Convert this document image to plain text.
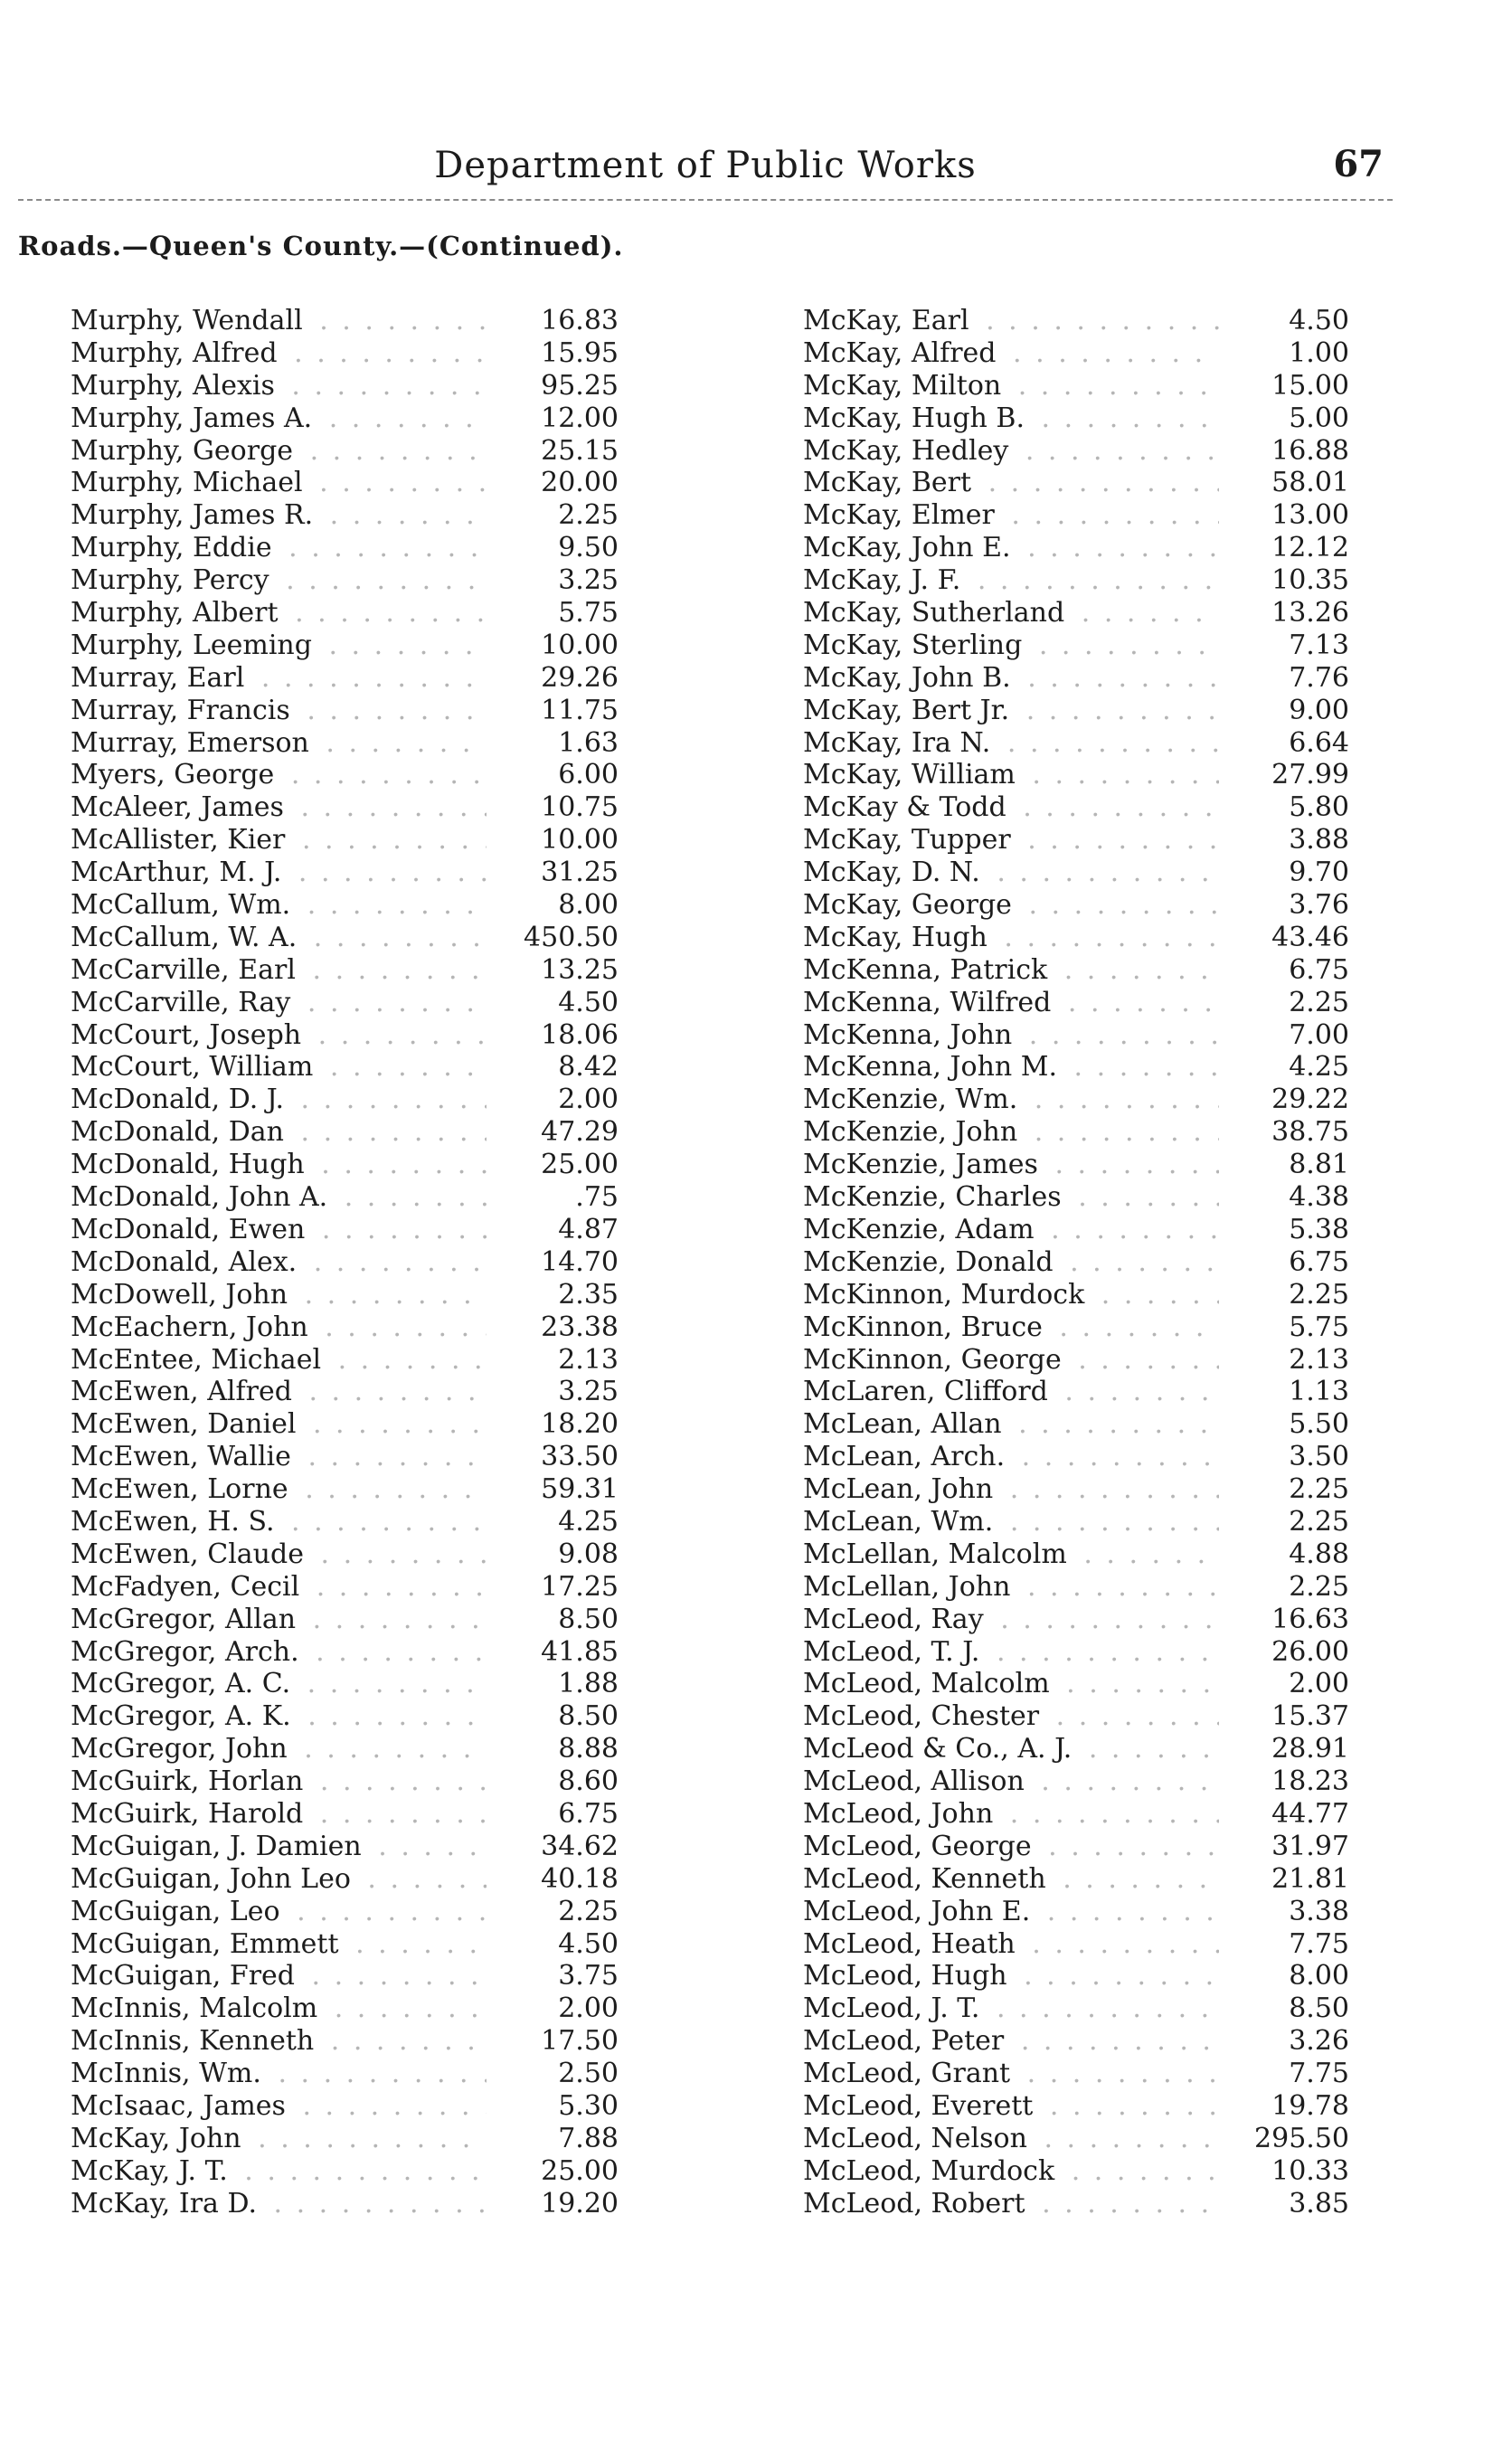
Department of Public Works	67
Roads.—Queen's County.—(Continued).
Murphy, Wendall . . .	16.83
Murphy, Alfred . . .	15.95
Murphy, Alexis . . .	95.25
Murphy, James A. . . .	12.00
Murphy, George . . .	25.15
Murphy, Michael . . .	20.00
Murphy, James R. . . .	2.25
Murphy, Eddie . . .	9.50
Murphy, Percy . . .	3.25
Murphy, Albert . . .	5.75
Murphy, Leeming . . .	10.00
Murray, Earl . . .	29.26
Murray, Francis . . .	11.75
Murray, Emerson . . .	1.63
Myers, George . . .	6.00
McAleer, James . . .	10.75
McAllister, Kier . . .	10.00
McArthur, M. J. . . .	31.25
McCallum, Wm. . . .	8.00
McCallum, W. A. . . .	450.50
McCarville, Earl . . .	13.25
McCarville, Ray . . .	4.50
McCourt, Joseph . . .	18.06
McCourt, William . . .	8.42
McDonald, D. J. . . .	2.00
McDonald, Dan . . .	47.29
McDonald, Hugh . . .	25.00
McDonald, John A. . . .	.75
McDonald, Ewen . . .	4.87
McDonald, Alex. . . .	14.70
McDowell, John . . .	2.35
McEachern, John . . .	23.38
McEntee, Michael . . .	2.13
McEwen, Alfred . . .	3.25
McEwen, Daniel . . .	18.20
McEwen, Wallie . . .	33.50
McEwen, Lorne . . .	59.31
McEwen, H. S. . . .	4.25
McEwen, Claude . . .	9.08
McFadyen, Cecil . . .	17.25
McGregor, Allan . . .	8.50
McGregor, Arch. . . .	41.85
McGregor, A. C. . . .	1.88
McGregor, A. K. . . .	8.50
McGregor, John . . .	8.88
McGuirk, Horlan . . .	8.60
McGuirk, Harold . . .	6.75
McGuigan, J. Damien . . .	34.62
McGuigan, John Leo . . .	40.18
McGuigan, Leo . . .	2.25
McGuigan, Emmett . . .	4.50
McGuigan, Fred . . .	3.75
McInnis, Malcolm . . .	2.00
McInnis, Kenneth . . .	17.50
McInnis, Wm. . . .	2.50
McIsaac, James . . .	5.30
McKay, John . . .	7.88
McKay, J. T. . . .	25.00
McKay, Ira D. . . .	19.20
McKay, Earl . . .	4.50
McKay, Alfred . . .	1.00
McKay, Milton . . .	15.00
McKay, Hugh B. . . .	5.00
McKay, Hedley . . .	16.88
McKay, Bert . . .	58.01
McKay, Elmer . . .	13.00
McKay, John E. . . .	12.12
McKay, J. F. . . .	10.35
McKay, Sutherland . . .	13.26
McKay, Sterling . . .	7.13
McKay, John B. . . .	7.76
McKay, Bert Jr. . . .	9.00
McKay, Ira N. . . .	6.64
McKay, William . . .	27.99
McKay & Todd . . .	5.80
McKay, Tupper . . .	3.88
McKay, D. N. . . .	9.70
McKay, George . . .	3.76
McKay, Hugh . . .	43.46
McKenna, Patrick . . .	6.75
McKenna, Wilfred . . .	2.25
McKenna, John . . .	7.00
McKenna, John M. . . .	4.25
McKenzie, Wm. . . .	29.22
McKenzie, John . . .	38.75
McKenzie, James . . .	8.81
McKenzie, Charles . . .	4.38
McKenzie, Adam . . .	5.38
McKenzie, Donald . . .	6.75
McKinnon, Murdock . . .	2.25
McKinnon, Bruce . . .	5.75
McKinnon, George . . .	2.13
McLaren, Clifford . . .	1.13
McLean, Allan . . .	5.50
McLean, Arch. . . .	3.50
McLean, John . . .	2.25
McLean, Wm. . . .	2.25
McLellan, Malcolm . . .	4.88
McLellan, John . . .	2.25
McLeod, Ray . . .	16.63
McLeod, T. J. . . .	26.00
McLeod, Malcolm . . .	2.00
McLeod, Chester . . .	15.37
McLeod & Co., A. J. . . .	28.91
McLeod, Allison . . .	18.23
McLeod, John . . .	44.77
McLeod, George . . .	31.97
McLeod, Kenneth . . .	21.81
McLeod, John E. . . .	3.38
McLeod, Heath . . .	7.75
McLeod, Hugh . . .	8.00
McLeod, J. T. . . .	8.50
McLeod, Peter . . .	3.26
McLeod, Grant . . .	7.75
McLeod, Everett . . .	19.78
McLeod, Nelson . . .	295.50
McLeod, Murdock . . .	10.33
McLeod, Robert . . .	3.85
